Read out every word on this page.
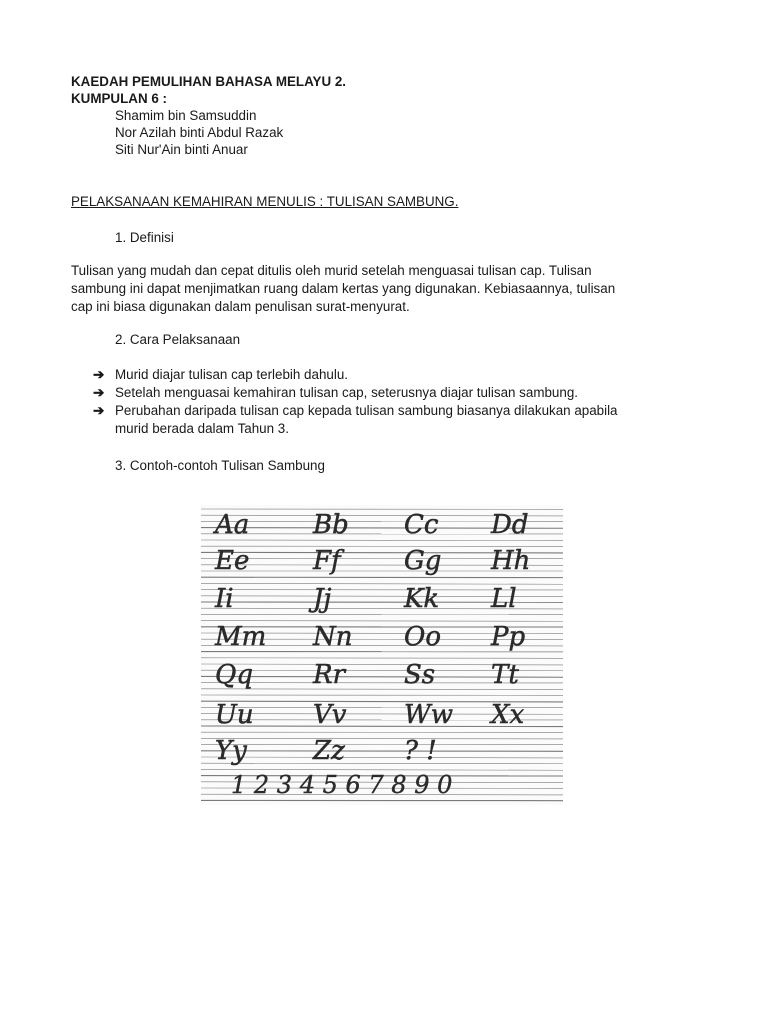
KAEDAH PEMULIHAN BAHASA MELAYU 2.
KUMPULAN 6 :
Shamim bin Samsuddin
Nor Azilah binti Abdul Razak
Siti Nur'Ain binti Anuar
PELAKSANAAN KEMAHIRAN MENULIS : TULISAN SAMBUNG.
1. Definisi
Tulisan yang mudah dan cepat ditulis oleh murid setelah menguasai tulisan cap. Tulisan
sambung ini dapat menjimatkan ruang dalam kertas yang digunakan. Kebiasaannya, tulisan
cap ini biasa digunakan dalam penulisan surat-menyurat.
2. Cara Pelaksanaan
➔ Murid diajar tulisan cap terlebih dahulu.
➔ Setelah menguasai kemahiran tulisan cap, seterusnya diajar tulisan sambung.
➔ Perubahan daripada tulisan cap kepada tulisan sambung biasanya dilakukan apabila
murid berada dalam Tahun 3.
3. Contoh-contoh Tulisan Sambung
Aa Bb Cc Dd
Ee Ff Gg Hh
Ii	Jj	Kk Ll
Mm Nn Oo Pp
Qq Rr Ss Tt
Uu Vv Ww Xx
Yy	Zz ? !
1 2 3 4 5 6 7 8 9 0
